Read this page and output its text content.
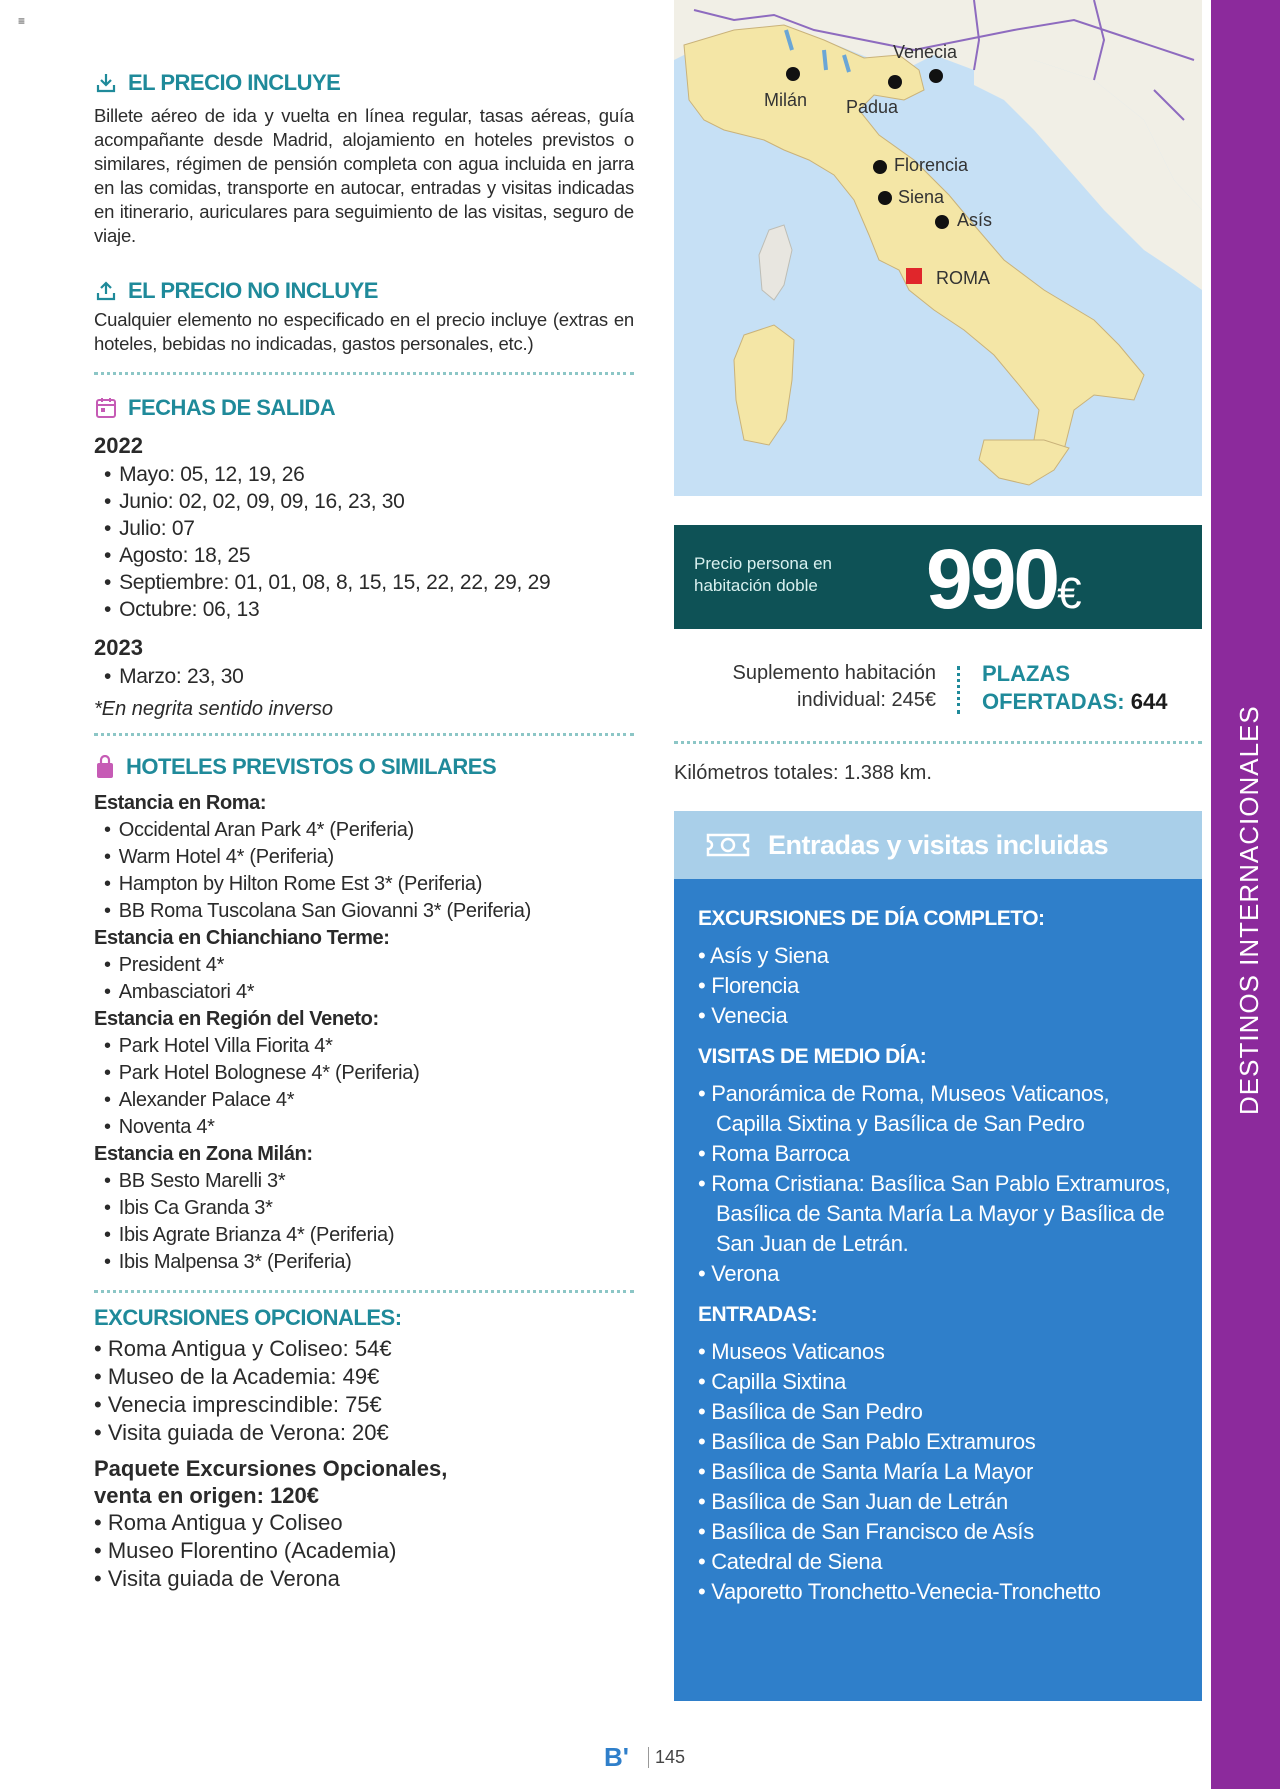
≡
EL PRECIO INCLUYE

Billete aéreo de ida y vuelta en línea regular, tasas aéreas, guía acompañante desde Madrid, alojamiento en hoteles previstos o similares, régimen de pensión completa con agua incluida en jarra en las comidas, transporte en autocar, entradas y visitas indicadas en itinerario, auriculares para seguimiento de las visitas, seguro de viaje.

EL PRECIO NO INCLUYE

Cualquier elemento no especificado en el precio incluye (extras en hoteles, bebidas no indicadas, gastos personales, etc.)

FECHAS DE SALIDA
2022
• Mayo: 05, 12, 19, 26
• Junio: 02, 02, 09, 09, 16, 23, 30
• Julio: 07
• Agosto: 18, 25
• Septiembre: 01, 01, 08, 8, 15, 15, 22, 22, 29, 29
• Octubre: 06, 13
2023
• Marzo: 23, 30
*En negrita sentido inverso
HOTELES PREVISTOS O SIMILARES
Estancia en Roma:
• Occidental Aran Park 4* (Periferia)
• Warm Hotel 4* (Periferia)
• Hampton by Hilton Rome Est 3* (Periferia)
• BB Roma Tuscolana San Giovanni 3* (Periferia)
Estancia en Chianchiano Terme:
• President 4*
• Ambasciatori 4*
Estancia en Región del Veneto:
• Park Hotel Villa Fiorita 4*
• Park Hotel Bolognese 4* (Periferia)
• Alexander Palace 4*
• Noventa 4*
Estancia en Zona Milán:
• BB Sesto Marelli 3*
• Ibis Ca Granda 3*
• Ibis Agrate Brianza 4* (Periferia)
• Ibis Malpensa 3* (Periferia)
EXCURSIONES OPCIONALES:
• Roma Antigua y Coliseo: 54€
• Museo de la Academia: 49€
• Venecia imprescindible: 75€
• Visita guiada de Verona: 20€
Paquete Excursiones Opcionales,
venta en origen: 120€
• Roma Antigua y Coliseo
• Museo Florentino (Academia)
• Visita guiada de Verona
Venecia
Milán Padua
Florencia
Siena
Asís
ROMA
Precio persona en habitación doble	990€
Suplemento habitación
individual: 245€
PLAZAS
OFERTADAS: 644
Kilómetros totales: 1.388 km.
Entradas y visitas incluidas
EXCURSIONES DE DÍA COMPLETO:
• Asís y Siena
• Florencia
• Venecia
VISITAS DE MEDIO DÍA:
• Panorámica de Roma, Museos Vaticanos, Capilla Sixtina y Basílica de San Pedro
• Roma Barroca
• Roma Cristiana: Basílica San Pablo Extramuros, Basílica de Santa María La Mayor y Basílica de San Juan de Letrán.
• Verona
ENTRADAS:
• Museos Vaticanos
• Capilla Sixtina
• Basílica de San Pedro
• Basílica de San Pablo Extramuros
• Basílica de Santa María La Mayor
• Basílica de San Juan de Letrán
• Basílica de San Francisco de Asís
• Catedral de Siena
• Vaporetto Tronchetto-Venecia-Tronchetto
DESTINOS INTERNACIONALES
B'	145
